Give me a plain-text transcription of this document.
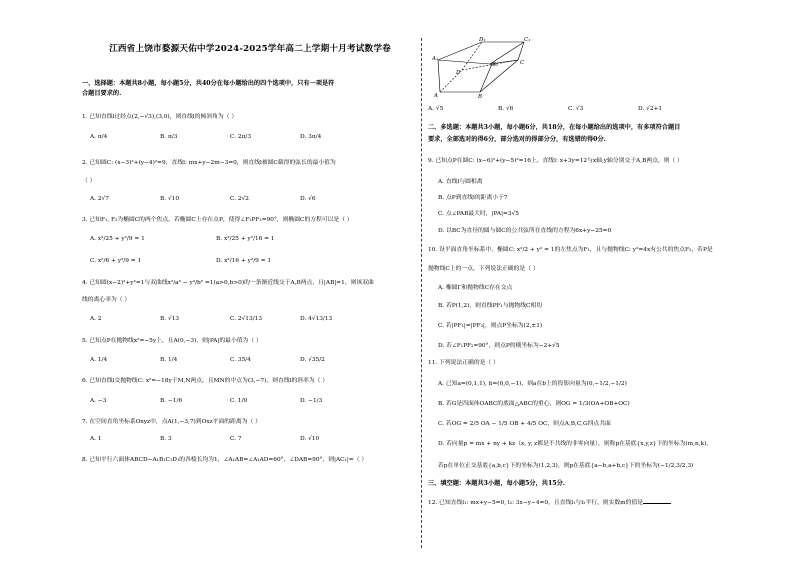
江西省上饶市婺源天佑中学2024-2025学年高二上学期十月考试数学卷
一、选择题：本题共8小题，每小题5分，共40分在每小题给出的四个选项中，只有一项是符
合题目要求的.
1. 已知直线l过经点(2,−√3),(3,0)，则直线l的倾斜角为（ ）
A. π/4	B. π/3	C. 2π/3	D. 3π/4
2. 已知圆C: (x−3)²+(y−4)²=9，直线l: mx+y−2m−3=0，则直线l被圆C截得的弦长的最小值为
（ ）
A. 2√7	B. √10	C. 2√2	D. √6
3. 已知F₁, F₂为椭圆C的两个焦点，若椭圆C上存在点P，使得∠F₁PF₂=90°，则椭圆C的方程可以是（ ）
A. x²/25 + y²/9 = 1	B. x²/25 + y²/16 = 1
C. x²/6 + y²/9 = 1	D. x²/16 + y²/9 = 1
4. 已知圆(x−2)²+y²=1与双曲线x²/a² − y²/b² =1(a>0,b>0)的一条渐近线交于A,B两点，且|AB|=1，则该双曲
线的离心率为（ ）
A. 2	B. √13	C. 2√13/13	D. 4√13/13
5. 已知点P在抛物线x²=−5y上，且A(0,−3)，则|PA|的最小值为（ ）
A. 1/4	B. 1/4	C. 35/4	D. √35/2
6. 已知直线l交抛物线C: x²=−18y于M,N两点，且MN的中点为(3,−7)，则直线l的斜率为（ ）
A. −3	B. −1/6	C. 1/9	D. −1/3
7. 在空间直角坐标系Oxyz中，点A(1,−3,7)到Oxz平面的距离为（ ）
A. 1	B. 3	C. 7	D. √10
8. 已知平行六面体ABCD−A₁B₁C₁D₁的各棱长均为1，∠A₁AB=∠A₁AD=60°，∠DAB=90°，则|AC₁|=（ ）
D₁	C₁
A₁
B₁
D
C
A	B
A. √5	B. √6	C. √3	D. √2+1
二、多选题：本题共3小题，每小题6分，共18分，在每小题给出的选项中，有多项符合题目
要求，全部选对的得6分，部分选对的得部分分，有选错的得0分.
9. 已知点P在圆C: (x−6)²+(y−5)²=16上，直线l: x+3y=12与x轴,y轴分别交于A,B两点，则（ ）
A. 直线l与圆相离
B. 点P到直线l的距离小于7
C. 点∠PAB最大时，|PA|=3√5
D. 以BC为直径的圆与圆C的公共弦所在直线的方程为6x+y−25=0
10. 设平面直角坐标系中，椭圆C: x²/2 + y² = 1的左焦点为F₁，且与抛物线C: y²=4x有公共的焦点F₂，若P是
抛物线C上的一点，下列说法正确的是（ ）
A. 椭圆Γ和抛物线C存在交点
B. 若P(1,2)，则直线PF₁与抛物线C相切
C. 若|PF₁|=|PF₂|，则点P坐标为(2,±1)
D. 若∠F₁PF₂=90°，则点P的横坐标为−2+√5
11. 下列说法正确的是（ ）
A. 已知a=(0,1,1), b=(0,0,−1)，则a在b上的投影向量为(0,−1/2,−1/2)
B. 若G是四面体OABC的底面△ABC的重心，则OG = 1/3(OA+OB+OC)
C. 若OG = 2/5 OA − 1/5 OB + 4/5 OC，则点A,B,C,G四点共面
D. 若向量p = mx + ny + kz（x, y, z都是不共线的非零向量），则称p在基底{x,y,z}下的坐标为(m,n,k)，
若p在单位正交基底{a,b,c}下的坐标为(1,2,3)，则p在基底{a−b,a+b,c}下的坐标为(−1/2,3/2,3)
三、填空题：本题共3小题，每小题5分，共15分.
12. 已知直线l₁: mx+y−5=0, l₂: 3x−y−4=0，且直线l₁与l₂平行，则实数m的值是
